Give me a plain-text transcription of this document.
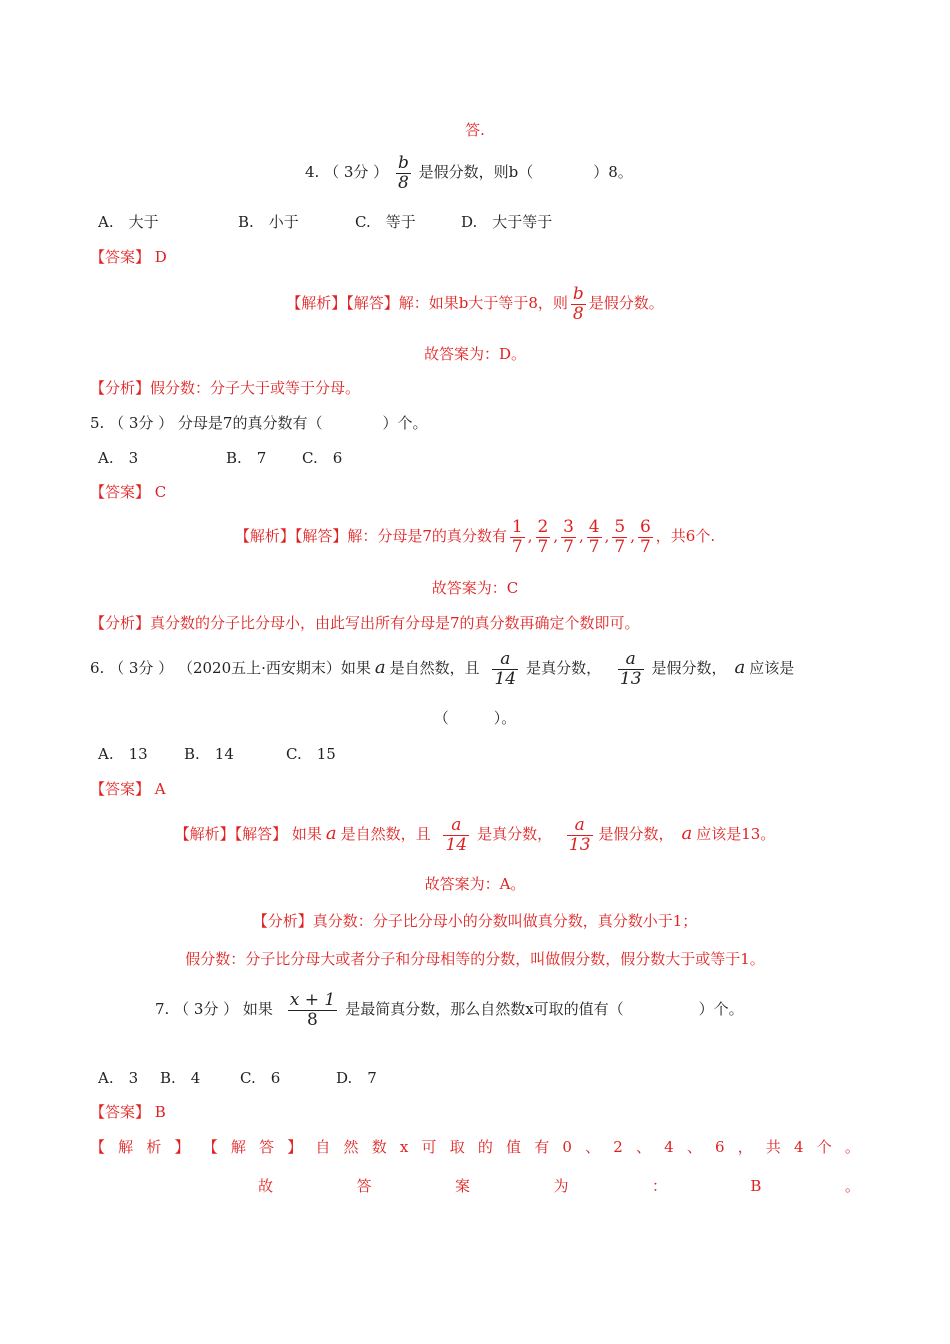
答.
4. （ 3分 ） $\frac{b}{8}$ 是假分数，则b（　　　　）8。
A.　大于	B.　小于	C.　等于	D.　大于等于
【答案】 D
【解析】【解答】解：如果b大于等于8，则 $\frac{b}{8}$ 是假分数。
故答案为：D。
【分析】假分数：分子大于或等于分母。
5. （ 3分 ） 分母是7的真分数有（　　　　）个。
A.　3	B.　7 C.　6
【答案】 C
【解析】【解答】解：分母是7的真分数有 $\frac{1}{7}$ , $\frac{2}{7}$ , $\frac{3}{7}$ , $\frac{4}{7}$ , $\frac{5}{7}$ , $\frac{6}{7}$ ，共6个.
故答案为：C
【分析】真分数的分子比分母小，由此写出所有分母是7的真分数再确定个数即可。
6. （ 3分 ） （2020五上·西安期末）如果 a 是自然数，且 $\frac{a}{14}$ 是真分数， $\frac{a}{13}$ 是假分数， a 应该是
（　　　）。
A.　13 B.　14	C.　15
【答案】 A
【解析】【解答】 如果 a 是自然数，且 $\frac{a}{14}$ 是真分数， $\frac{a}{13}$ 是假分数， a 应该是13。
故答案为：A。
【分析】真分数：分子比分母小的分数叫做真分数，真分数小于1；
假分数：分子比分母大或者分子和分母相等的分数，叫做假分数，假分数大于或等于1。
7. （ 3分 ） 如果 $\frac{x + 1}{8}$ 是最简真分数，那么自然数x可取的值有（　　　　　）个。
A.　3 B.　4	C.　6	D.　7
【答案】 B
【 解 析 】 【 解 答 】 自 然 数 x 可 取 的 值 有 0 、 2 、 4 、 6 ， 共 4 个 。
故	答	案	为	：	B	。
